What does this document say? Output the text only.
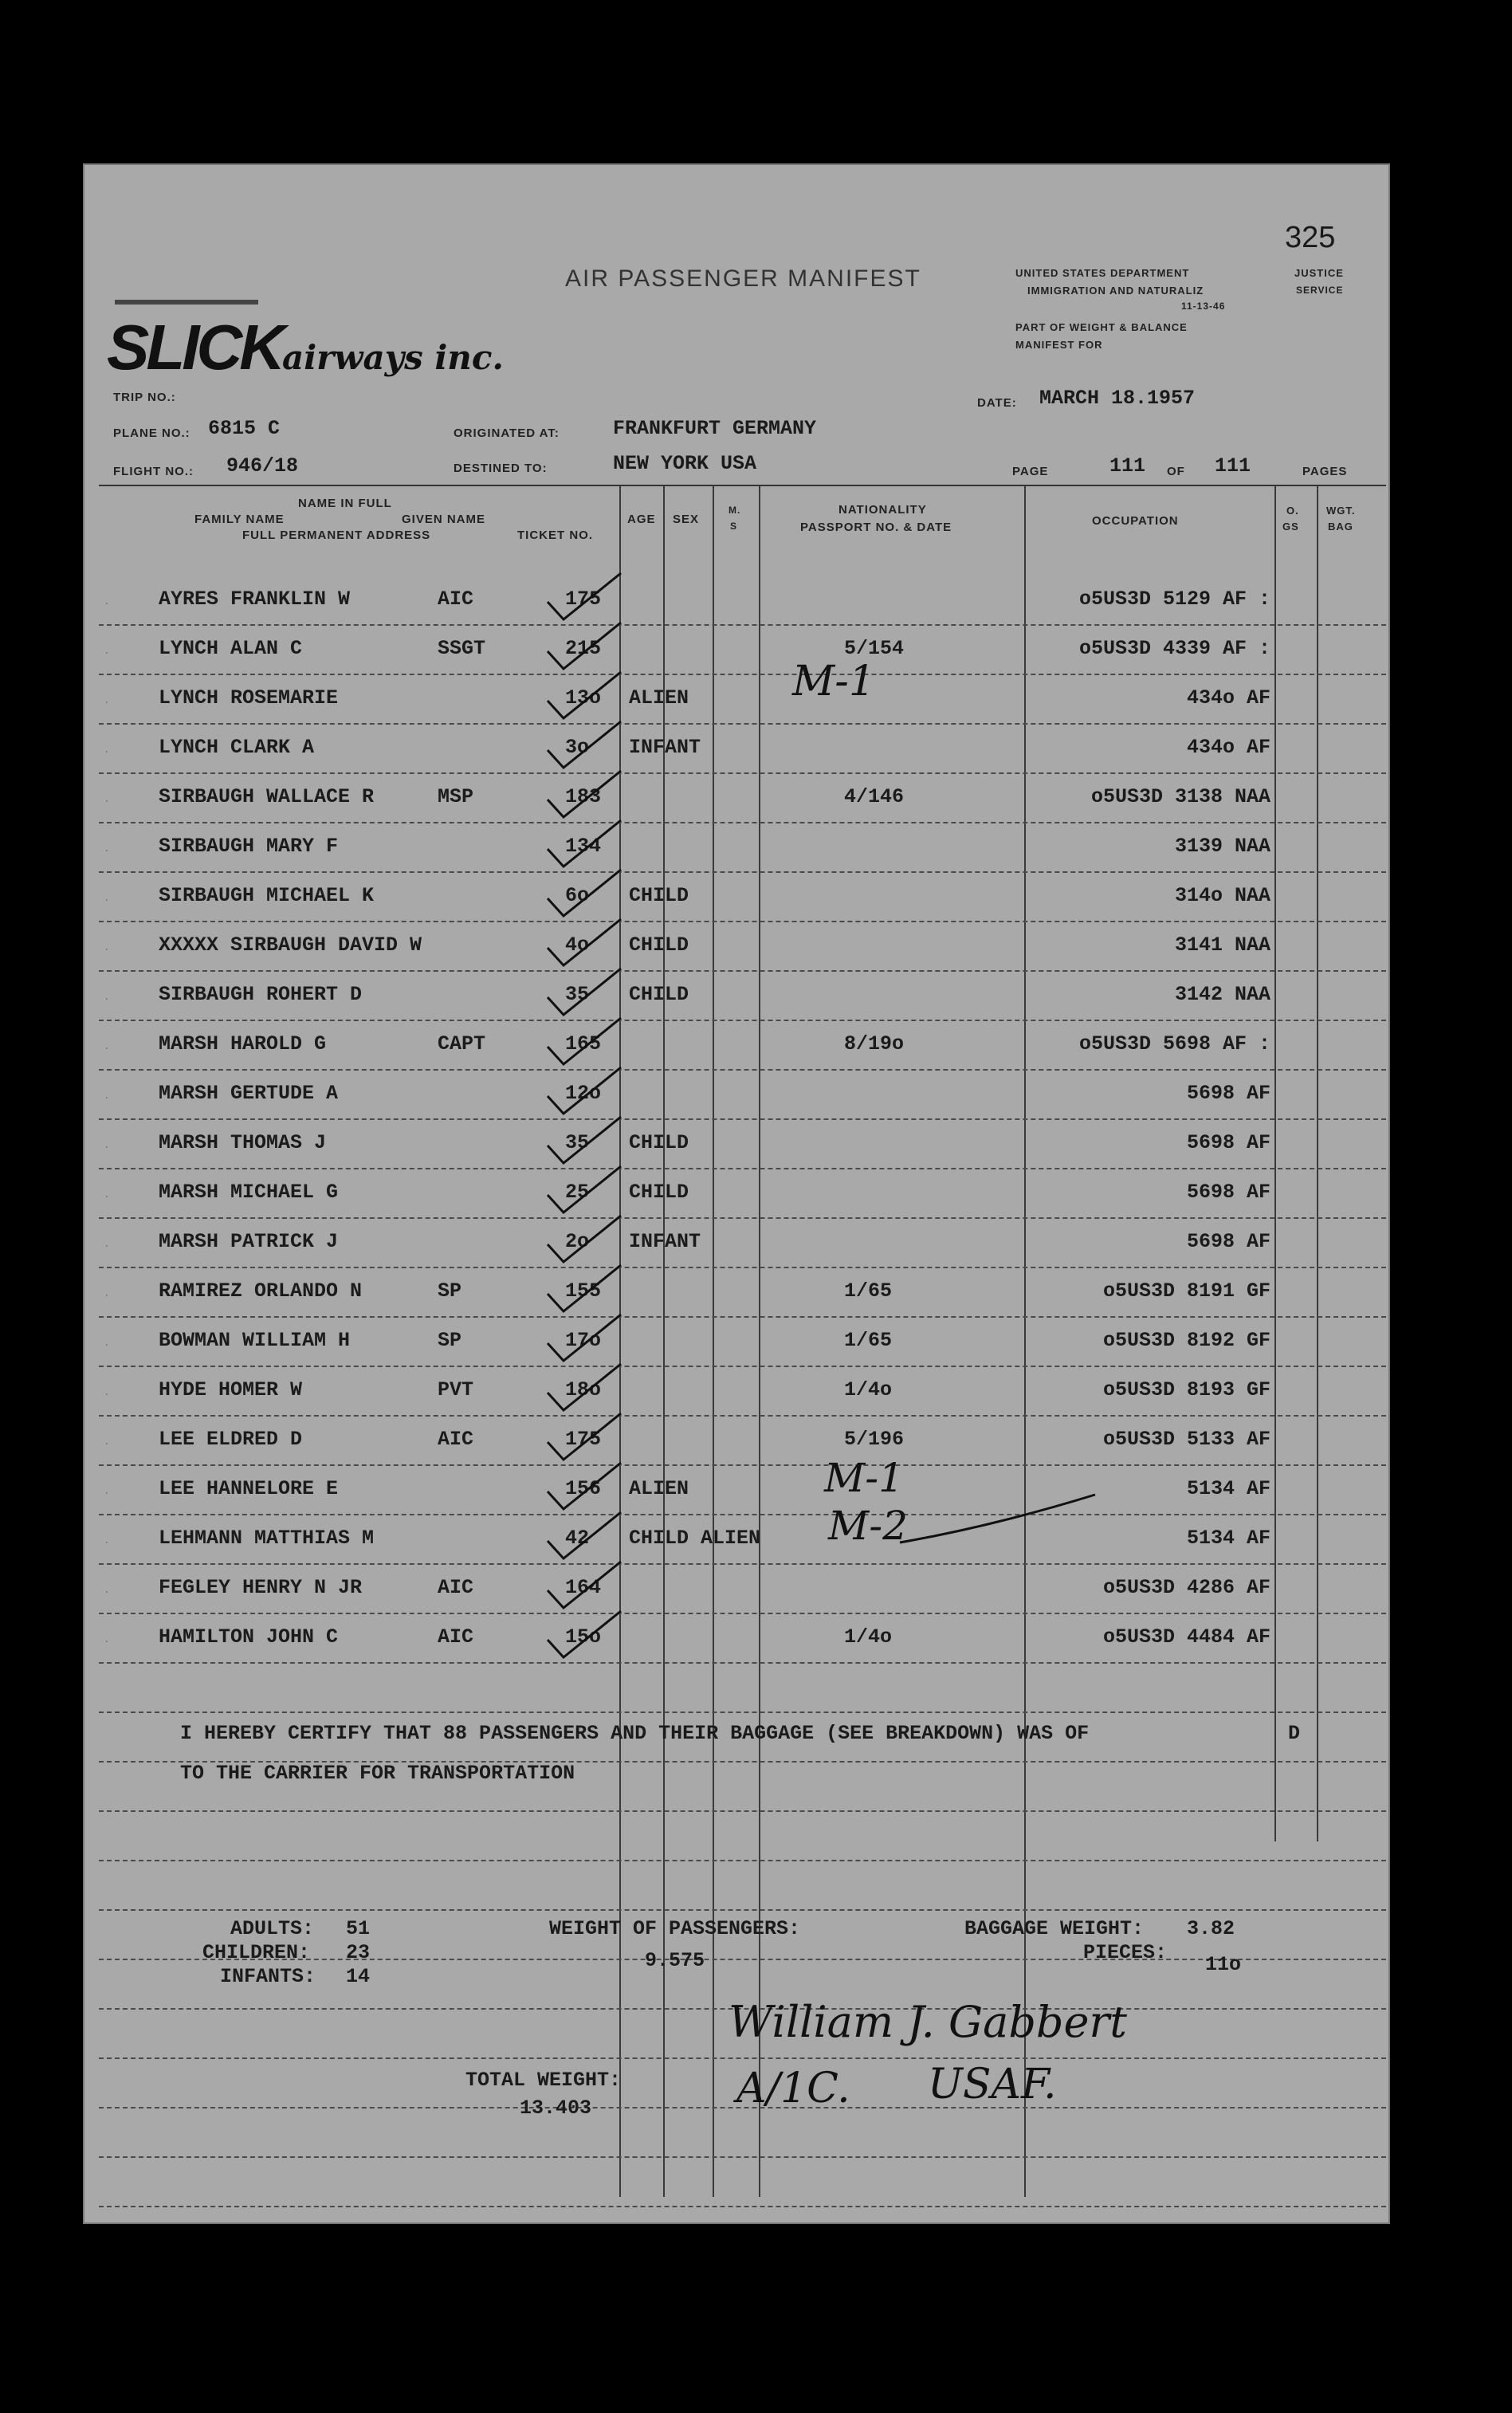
325
AIR PASSENGER MANIFEST
▬▬▬▬▬▬▬▬▬
SLICKairways inc.
UNITED STATES DEPARTMENT	JUSTICE
IMMIGRATION AND NATURALIZ	SERVICE
11-13-46
PART OF WEIGHT & BALANCE
MANIFEST FOR
TRIP NO.:
PLANE NO.: 6815 C
FLIGHT NO.: 946/18
ORIGINATED AT:	FRANKFURT GERMANY
DESTINED TO:	NEW YORK USA
DATE: MARCH 18.1957
PAGE	111 OF 111	PAGES
NAME IN FULL
FAMILY NAME	GIVEN NAME
FULL PERMANENT ADDRESS	TICKET NO.
AGE SEX
M.
S
NATIONALITY
PASSPORT NO. & DATE	OCCUPATION
O.
GS
WGT.
BAG
AYRES FRANKLIN W	AIC	175	o5US3D 5129 AF :
·
LYNCH ALAN C	SSGT	215	5/154	o5US3D 4339 AF :
·
LYNCH ROSEMARIE	13o ALIEN	434o AF
·
LYNCH CLARK A	3o INFANT	434o AF
·
SIRBAUGH WALLACE R	MSP	183	4/146	o5US3D 3138 NAA
·
SIRBAUGH MARY F	134	3139 NAA
·
SIRBAUGH MICHAEL K	6o CHILD	314o NAA
·
XXXXX SIRBAUGH DAVID W	4o CHILD	3141 NAA
·
SIRBAUGH ROHERT D	35 CHILD	3142 NAA
·
MARSH HAROLD G	CAPT	165	8/19o	o5US3D 5698 AF :
·
MARSH GERTUDE A	12o	5698 AF
·
MARSH THOMAS J	35 CHILD	5698 AF
·
MARSH MICHAEL G	25 CHILD	5698 AF
·
MARSH PATRICK J	2o INFANT	5698 AF
·
RAMIREZ ORLANDO N	SP	155	1/65	o5US3D 8191 GF
·
BOWMAN WILLIAM H	SP	17o	1/65	o5US3D 8192 GF
·
HYDE HOMER W	PVT	18o	1/4o	o5US3D 8193 GF
·
LEE ELDRED D	AIC	175	5/196	o5US3D 5133 AF
·
LEE HANNELORE E	156 ALIEN	5134 AF
·
LEHMANN MATTHIAS M	42 CHILD ALIEN	5134 AF
·
FEGLEY HENRY N JR	AIC	164	o5US3D 4286 AF
·
HAMILTON JOHN C	AIC	15o	1/4o	o5US3D 4484 AF
·
M-1
M-1
M-2
I HEREBY CERTIFY THAT 88 PASSENGERS AND THEIR BAGGAGE (SEE BREAKDOWN) WAS OF	D
TO THE CARRIER FOR TRANSPORTATION
ADULTS: 51
CHILDREN: 23
INFANTS: 14
WEIGHT OF PASSENGERS:
9.575
BAGGAGE WEIGHT: 3.82
PIECES:
11o
TOTAL WEIGHT:
13.403
William J. Gabbert
A/1C. USAF.
